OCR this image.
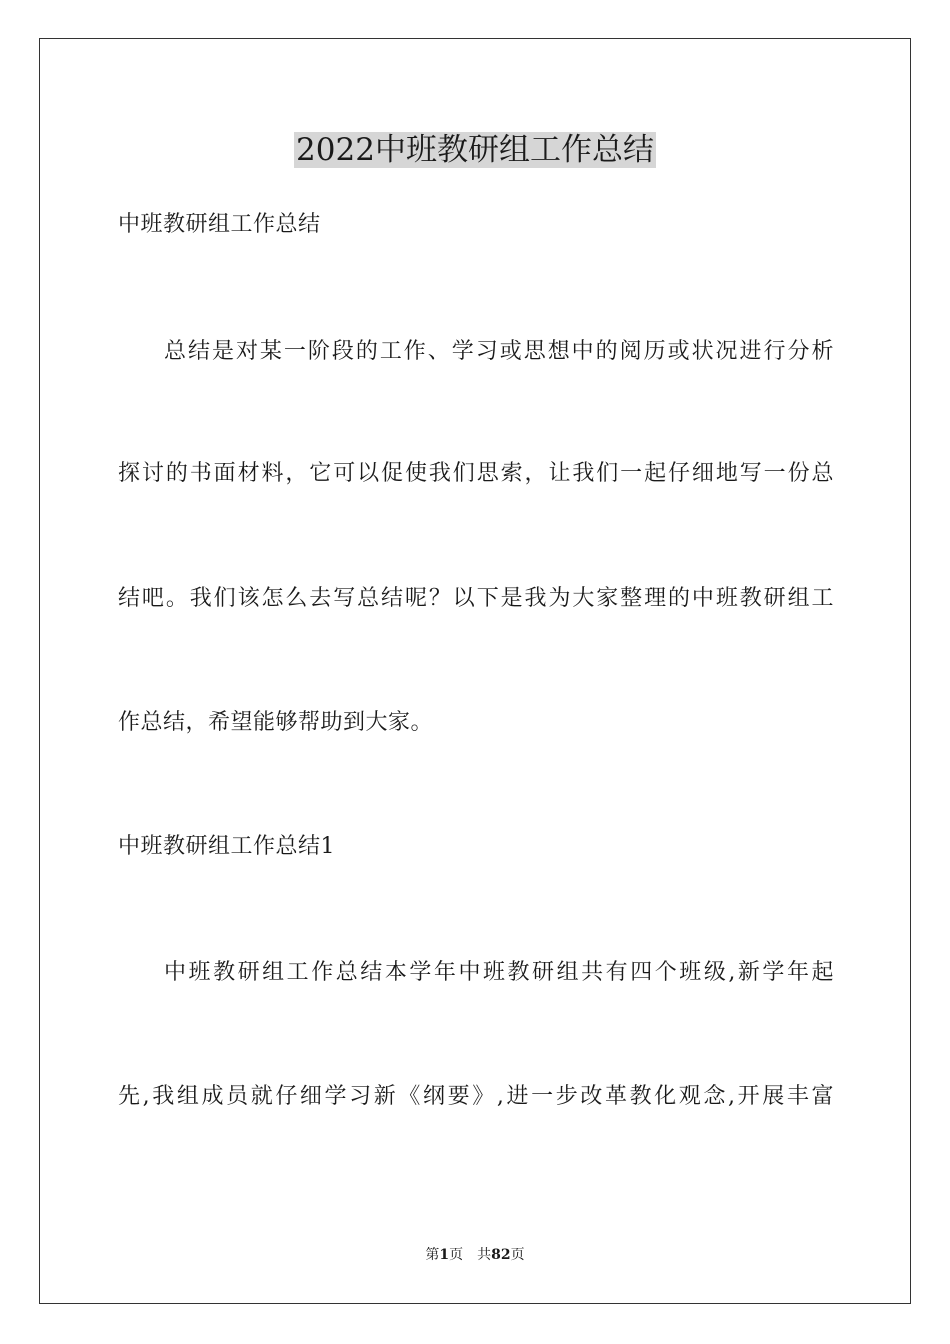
2022中班教研组工作总结
中班教研组工作总结
总结是对某一阶段的工作、学习或思想中的阅历或状况进行分析
探讨的书面材料，它可以促使我们思索，让我们一起仔细地写一份总
结吧。我们该怎么去写总结呢？以下是我为大家整理的中班教研组工
作总结，希望能够帮助到大家。
中班教研组工作总结1
中班教研组工作总结本学年中班教研组共有四个班级,新学年起
先,我组成员就仔细学习新《纲要》,进一步改革教化观念,开展丰富
第1页 共82页
